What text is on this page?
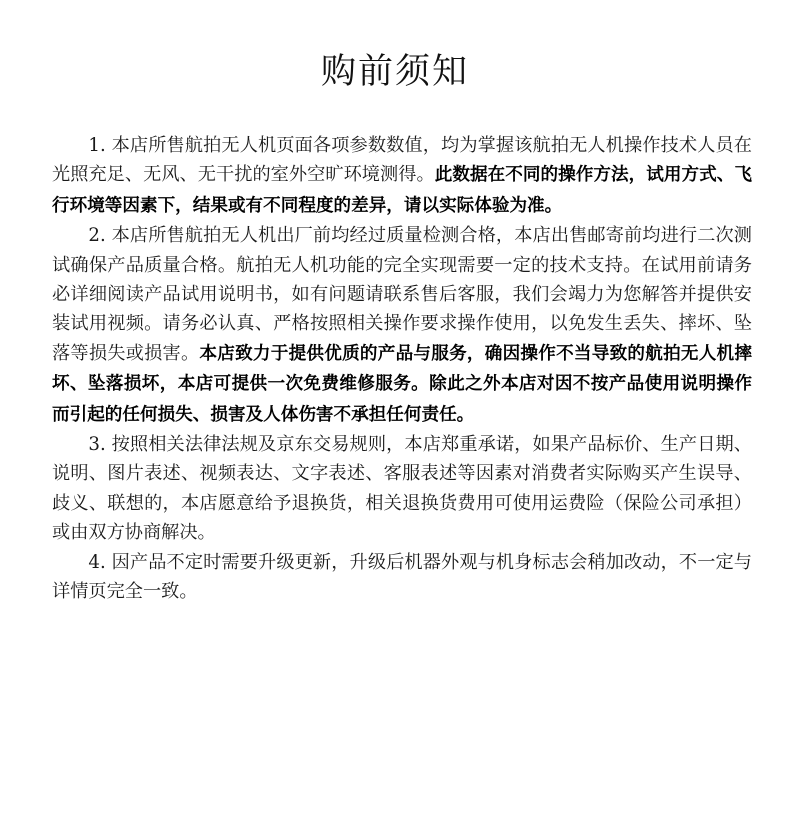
购前须知

1. 本店所售航拍无人机页面各项参数数值，均为掌握该航拍无人机操作技术人员在光照充足、无风、无干扰的室外空旷环境测得。此数据在不同的操作方法，试用方式、飞行环境等因素下，结果或有不同程度的差异，请以实际体验为准。

2. 本店所售航拍无人机出厂前均经过质量检测合格，本店出售邮寄前均进行二次测试确保产品质量合格。航拍无人机功能的完全实现需要一定的技术支持。在试用前请务必详细阅读产品试用说明书，如有问题请联系售后客服，我们会竭力为您解答并提供安装试用视频。请务必认真、严格按照相关操作要求操作使用，以免发生丢失、摔坏、坠落等损失或损害。本店致力于提供优质的产品与服务，确因操作不当导致的航拍无人机摔坏、坠落损坏，本店可提供一次免费维修服务。除此之外本店对因不按产品使用说明操作而引起的任何损失、损害及人体伤害不承担任何责任。

3. 按照相关法律法规及京东交易规则，本店郑重承诺，如果产品标价、生产日期、说明、图片表述、视频表达、文字表述、客服表述等因素对消费者实际购买产生误导、歧义、联想的，本店愿意给予退换货，相关退换货费用可使用运费险（保险公司承担）或由双方协商解决。

4. 因产品不定时需要升级更新，升级后机器外观与机身标志会稍加改动，不一定与详情页完全一致。
